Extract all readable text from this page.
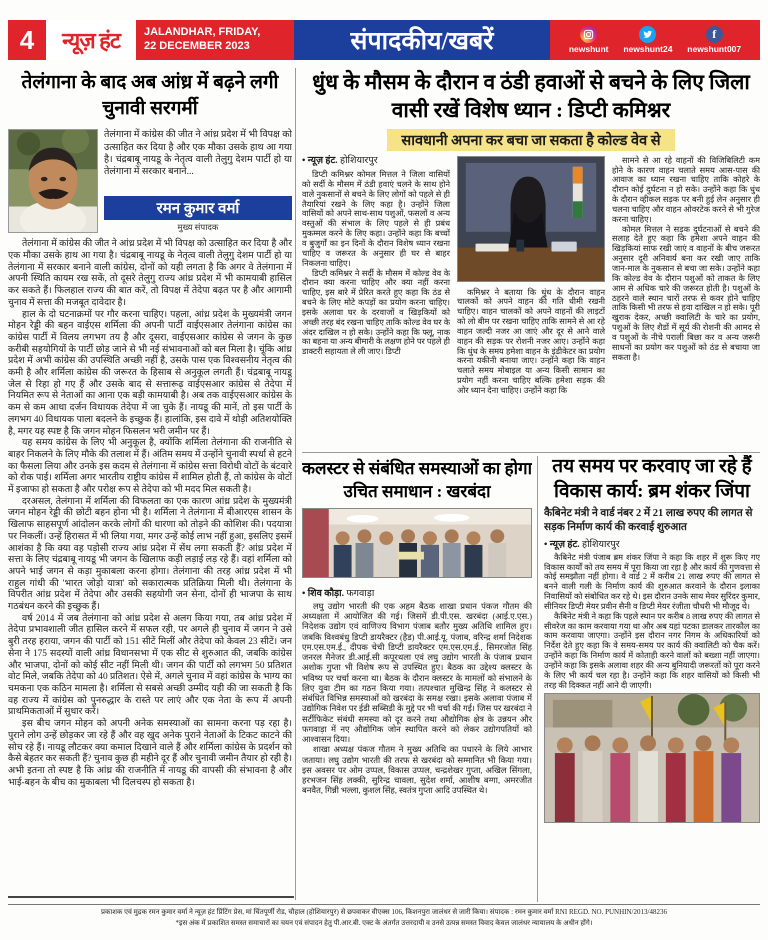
4	न्यूज़ हंट	JALANDHAR, FRIDAY,
22 DECEMBER 2023	संपादकीय/खबरें	newshunt newshunt24
f
newshunt007
तेलंगाना के बाद अब आंध्र में बढ़ने लगी चुनावी सरगर्मी

तेलंगाना में कांग्रेस की जीत ने आंध्र प्रदेश में भी विपक्ष को उत्साहित कर दिया है और एक मौका उसके हाथ आ गया है। चंद्रबाबू नायडू के नेतृत्व वाली तेलुगु देशम पार्टी हो या तेलंगाना में सरकार बनाने...

रमन कुमार वर्मा
मुख्य संपादक

तेलंगाना में कांग्रेस की जीत ने आंध्र प्रदेश में भी विपक्ष को उत्साहित कर दिया है और एक मौका उसके हाथ आ गया है। चंद्रबाबू नायडू के नेतृत्व वाली तेलुगु देशम पार्टी हो या तेलंगाना में सरकार बनाने वाली कांग्रेस, दोनों को यही लगता है कि अगर वे तेलंगाना में अपनी स्थिति कायम रख सकें, तो दूसरे तेलुगु राज्य आंध्र प्रदेश में भी कामयाबी हासिल कर सकते हैं। फिलहाल राज्य की बात करें, तो विपक्ष में तेदेपा बढ़त पर है और आगामी चुनाव में सत्ता की मजबूत दावेदार है।

हाल के दो घटनाक्रमों पर गौर करना चाहिए। पहला, आंध्र प्रदेश के मुख्यमंत्री जगन मोहन रेड्डी की बहन वाईएस शर्मिला की अपनी पार्टी वाईएसआर तेलंगाना कांग्रेस का कांग्रेस पार्टी में विलय लगभग तय है और दूसरा, वाईएसआर कांग्रेस से जगन के कुछ करीबी सहयोगियों के पार्टी छोड़ जाने से भी नई संभावनाओं को बल मिला है। चूंकि आंध्र प्रदेश में अभी कांग्रेस की उपस्थिति अच्छी नहीं है, उसके पास एक विश्वसनीय नेतृत्व की कमी है और शर्मिला कांग्रेस की जरूरत के हिसाब से अनुकूल लगती हैं। चंद्रबाबू नायडू जेल से रिहा हो गए हैं और उसके बाद से सत्तारूढ़ वाईएसआर कांग्रेस से तेदेपा में नियमित रूप से नेताओं का आना एक बड़ी कामयाबी है। अब तक वाईएसआर कांग्रेस के कम से कम आधा दर्जन विधायक तेदेपा में जा चुके हैं। नायडू की मानें, तो इस पार्टी के लगभग 40 विधायक पाला बदलने के इच्छुक हैं। हालांकि, इस दावे में थोड़ी अतिशयोक्ति है, मगर यह स्पष्ट है कि जगन मोहन फिसलन भरी जमीन पर हैं।

यह समय कांग्रेस के लिए भी अनुकूल है, क्योंकि शर्मिला तेलंगाना की राजनीति से बाहर निकलने के लिए मौके की तलाश में हैं। अंतिम समय में उन्होंने चुनावी स्पर्धा से हटने का फैसला लिया और उनके इस कदम से तेलंगाना में कांग्रेस सत्ता विरोधी वोटों के बंटवारे को रोक पाई। शर्मिला अगर भारतीय राष्ट्रीय कांग्रेस में शामिल होती हैं, तो कांग्रेस के वोटों में इजाफा हो सकता है और परोक्ष रूप से तेदेपा को भी मदद मिल सकती है।

दरअसल, तेलंगाना में शर्मिला की विफलता का एक कारण आंध्र प्रदेश के मुख्यमंत्री जगन मोहन रेड्डी की छोटी बहन होना भी है। शर्मिला ने तेलंगाना में बीआरएस शासन के खिलाफ साहसपूर्ण आंदोलन करके लोगों की धारणा को तोड़ने की कोशिश की। पदयात्रा पर निकलीं। उन्हें हिरासत में भी लिया गया, मगर उन्हें कोई लाभ नहीं हुआ, इसलिए इसमें आशंका है कि क्या वह पड़ोसी राज्य आंध्र प्रदेश में सेंध लगा सकती हैं? आंध्र प्रदेश में सत्ता के लिए चंद्रबाबू नायडू भी जगन के खिलाफ कड़ी लड़ाई लड़ रहे हैं। वहां शर्मिला को अपने भाई जगन से कड़ा मुकाबला करना होगा। तेलंगाना की तरह आंध्र प्रदेश में भी राहुल गांधी की 'भारत जोड़ो यात्रा' को सकारात्मक प्रतिक्रिया मिली थी। तेलंगाना के विपरीत आंध्र प्रदेश में तेदेपा और उसकी सहयोगी जन सेना, दोनों ही भाजपा के साथ गठबंधन करने की इच्छुक हैं।

वर्ष 2014 में जब तेलंगाना को आंध्र प्रदेश से अलग किया गया, तब आंध्र प्रदेश में तेदेपा प्रभावशाली जीत हासिल करने में सफल रही, पर अगले ही चुनाव में जगन ने उसे बुरी तरह हराया, जगन की पार्टी को 151 सीटें मिलीं और तेदेपा को केवल 23 सीटें। जन सेना ने 175 सदस्यों वाली आंध्र विधानसभा में एक सीट से शुरुआत की, जबकि कांग्रेस और भाजपा, दोनों को कोई सीट नहीं मिली थी। जगन की पार्टी को लगभग 50 प्रतिशत वोट मिले, जबकि तेदेपा को 40 प्रतिशत। ऐसे में, अगले चुनाव में वहां कांग्रेस के भाग्य का चमकना एक कठिन मामला है। शर्मिला से सबसे अच्छी उम्मीद यही की जा सकती है कि वह राज्य में कांग्रेस को पुनरुद्धार के रास्ते पर लाएं और एक नेता के रूप में अपनी प्राथमिकताओं में सुधार करें।

इस बीच जगन मोहन को अपनी अनेक समस्याओं का सामना करना पड़ रहा है। पुराने लोग उन्हें छोड़कर जा रहे हैं और वह खुद अनेक पुराने नेताओं के टिकट काटने की सोच रहे हैं। नायडू लौटकर क्या कमाल दिखाने वाले हैं और शर्मिला कांग्रेस के प्रदर्शन को कैसे बेहतर कर सकती हैं? चुनाव कुछ ही महीने दूर हैं और चुनावी जमीन तैयार हो रही है। अभी इतना तो स्पष्ट है कि आंध्र की राजनीति में नायडू की वापसी की संभावना है और भाई-बहन के बीच का मुकाबला भी दिलचस्प हो सकता है।

धुंध के मौसम के दौरान व ठंडी हवाओं से बचने के लिए जिला वासी रखें विशेष ध्यान : डिप्टी कमिश्नर
सावधानी अपना कर बचा जा सकता है कोल्ड वेव से
• न्यूज़ हंट. होशियारपुर

डिप्टी कमिश्नर कोमल मित्तल ने जिला वासियों को सर्दी के मौसम में ठंडी हवाएं चलने के साथ होने वाले नुकसानों से बचने के लिए लोगों को पहले से ही तैयारियां रखने के लिए कहा है। उन्होंने जिला वासियों को अपने साथ-साथ पशुओं, फसलों व अन्य वस्तुओं की संभाल के लिए पहले से ही प्रबंध मुकम्मल करने के लिए कहा। उन्होंने कहा कि बच्चों व बुजुर्गों का इन दिनों के दौरान विशेष ध्यान रखना चाहिए व जरूरत के अनुसार ही घर से बाहर निकलना चाहिए।

डिप्टी कमिश्नर ने सर्दी के मौसम में कोल्ड वेव के दौरान क्या करना चाहिए और क्या नहीं करना चाहिए, इस बारे में प्रेरित करते हुए कहा कि ठंड से बचने के लिए मोटे कपड़ों का प्रयोग करना चाहिए। इसके अलावा घर के दरवाजों व खिड़कियों को अच्छी तरह बंद रखना चाहिए ताकि कोल्ड वेव घर के अंदर दाखिल न हो सके। उन्होंने कहा कि फ्लू, नाक का बहना या अन्य बीमारी के लक्षण होने पर पहले ही डाक्टरी सहायता ले ली जाए। डिप्टी

कमिश्नर ने बताया कि धुंध के दौरान वाहन चालकों को अपने वाहन की गति धीमी रखनी चाहिए। वाहन चालकों को अपने वाहनों की लाइटों को लो बीम पर रखना चाहिए ताकि सामने से आ रहे वाहन जल्दी नजर आ जाएं और दूर से आने वाले वाहन की सड़क पर रोशनी नजर आए। उन्होंने कहा कि धुंध के समय हमेशा वाहन के इंडीकेटर का प्रयोग करना यकीनी बनाया जाए। उन्होंने कहा कि वाहन चलाते समय मोबाइल या अन्य किसी सामान का प्रयोग नहीं करना चाहिए बल्कि हमेशा सड़क की ओर ध्यान देना चाहिए। उन्होंने कहा कि

सामने से आ रहे वाहनों की विजिबिलिटी कम होने के कारण वाहन चलाते समय आस-पास की आवाज का ध्यान रखना चाहिए ताकि कोहरे के दौरान कोई दुर्घटना न हो सके। उन्होंने कहा कि धुंध के दौरान व्हीकल सड़क पर बनी हुई लेन अनुसार ही चलना चाहिए और वाहन ओवरटेक करने से भी गुरेज करना चाहिए।

कोमल मित्तल ने सड़क दुर्घटनाओं से बचने की सलाह देते हुए कहा कि हमेशा अपने वाहन की खिड़कियां साफ रखी जाएं व वाहनों के बीच जरूरत अनुसार दूरी अनिवार्य बना कर रखी जाए ताकि जान-माल के नुकसान से बचा जा सके। उन्होंने कहा कि कोल्ड वेव के दौरान पशुओं को ताकत के लिए आम से अधिक चारे की जरूरत होती है। पशुओं के ठहरने वाले स्थान चारों तरफ से कवर होने चाहिए ताकि किसी भी तरफ से हवा दाखिल न हो सके। पूरी खुराक देकर, अच्छी क्वालिटी के चारे का प्रयोग, पशुओं के लिए शैडों में सूर्य की रोशनी की आमद से व पशुओं के नीचे पराली बिछा कर व अन्य जरूरी साधनों का प्रयोग कर पशुओं को ठंड से बचाया जा सकता है।

कलस्टर से संबंधित समस्याओं का होगा उचित समाधान : खरबंदा
• शिव कौड़ा. फगवाड़ा

लघु उद्योग भारती की एक अहम बैठक शाखा प्रधान पंकज गौतम की अध्यक्षता में आयोजित की गई। जिसमें डी.पी.एस. खरबंदा (आई.ए.एस.) निदेशक उद्योग एवं वाणिज्य विभाग पंजाब बतौर मुख्य अतिथि शामिल हुए। जबकि विश्वबंधु डिप्टी डायरैक्टर (हैड) पी.आई.यू. पंजाब, वरिन्द्र शर्मा निदेशक एम.एस.एम.ई., दीपक चेची डिप्टी डायरैक्टर एम.एस.एम.ई., सिमरजोत सिंह जनरल मैनेजर डी.आई.सी कपूरथला एवं लघु उद्योग भारती के पंजाब प्रधान अशोक गुप्ता भी विशेष रूप से उपस्थित हुए। बैठक का उद्देश्य क्लस्टर के भविष्य पर चर्चा करना था। बैठक के दौरान क्लस्टर के मामलों को संभालने के लिए युवा टीम का गठन किया गया। तत्पश्चात मुखिन्द्र सिंह ने कलस्टर से संबंधित विभिन्न समस्याओं को खरबंदा के समक्ष रखा। इसके अलावा पंजाब में उद्योगिक निवेश पर ईडी सब्सिडी के मुद्दे पर भी चर्चा की गई। जिस पर खरबंदा ने सर्टीफिकेट संबंधी समस्या को दूर करने तथा औद्योगिक क्षेत्र के उन्नयन और फगवाड़ा में नए औद्योगिक जोन स्थापित करने को लेकर उद्योगपतियों को आश्वासन दिया।

शाखा अध्यक्ष पंकज गौतम ने मुख्य अतिथि का पधारने के लिये आभार जताया। लघु उद्योग भारती की तरफ से खरबंदा को सम्मानित भी किया गया। इस अवसर पर ओम उप्पल, विकास उप्पल, चन्द्रशेखर गुप्ता, अखिल सिंगला, हरभजन सिंह लक्की, सुरिन्द्र चावला, सुदेश शर्मा, आशीष बग्गा, अमरजीत बनवैत, गिन्नी भल्ला, कुशल सिंह, स्वतंत्र गुप्ता आदि उपस्थित थे।

तय समय पर करवाए जा रहे हैं विकास कार्य: ब्रम शंकर जिंपा
कैबिनेट मंत्री ने वार्ड नंबर 2 में 21 लाख रुपए की लागत से सड़क निर्माण कार्य की करवाई शुरुआत
• न्यूज़ हंट. होशियारपुर

कैबिनेट मंत्री पंजाब ब्रम शंकर जिंपा ने कहा कि शहर में शुरू किए गए विकास कार्यों को तय समय में पूरा किया जा रहा है और कार्य की गुणवत्ता से कोई समझौता नहीं होगा। वे वार्ड 2 में करीब 21 लाख रुपए की लागत से बनने वाली गली के निर्माण कार्य की शुरुआत करवाने के दौरान इलाका निवासियों को संबोधित कर रहे थे। इस दौरान उनके साथ मेयर सुरिंदर कुमार, सीनियर डिप्टी मेयर प्रवीन सैनी व डिप्टी मेयर रंजीता चौधरी भी मौजूद थे।

कैबिनेट मंत्री ने कहा कि पहले स्थान पर करीब 8 लाख रुपए की लागत से सीवरेज का काम करवाया गया था और अब यहां पटका डालकर तारकौल का काम करवाया जाएगा। उन्होंने इस दौरान नगर निगम के अधिकारियों को निर्देश देते हुए कहा कि वे समय-समय पर कार्य की क्वालिटी को चैक करें। उन्होंने कहा कि निर्माण कार्य में कोताही करने वालों को बख्शा नहीं जाएगा। उन्होंने कहा कि इसके अलावा शहर की अन्य बुनियादी जरूरतों को पूरा करने के लिए भी कार्य चल रहा है। उन्होंने कहा कि शहर वासियों को किसी भी तरह की दिक्कत नहीं आने दी जाएगी।

प्रकाशक एवं मुद्रक रमन कुमार वर्मा ने न्यूज़ हंट प्रिंटिंग प्रेस, मां चिंतपूर्णी रोड, चौहाल (होशियारपुर) से छपवाकर वीएक्स 106, किशनपुरा जालंधर से जारी किया। संपादक : रमन कुमार वर्मा RNI REGD. NO. PUNHIN/2013/48236
*इस अंक में प्रकाशित समस्त समाचारों का चयन एवं संपादन हेतु पी.आर.बी. एक्ट के अंतर्गत उत्तरदायी व उनसे उत्पन्न समस्त विवाद केवल जालंधर न्यायालय के अधीन होंगे।
